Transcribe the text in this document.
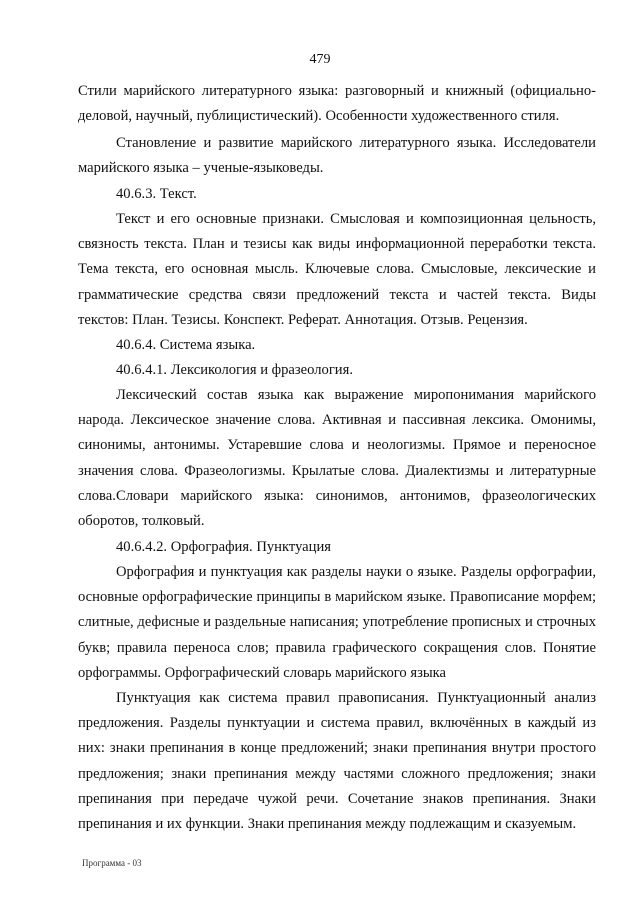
479
Стили марийского литературного языка: разговорный и книжный (официально-деловой, научный, публицистический). Особенности художественного стиля.
Становление и развитие марийского литературного языка. Исследователи марийского языка – ученые-языковеды.
40.6.3. Текст.
Текст и его основные признаки. Смысловая и композиционная цельность, связность текста. План и тезисы как виды информационной переработки текста. Тема текста, его основная мысль. Ключевые слова. Смысловые, лексические и грамматические средства связи предложений текста и частей текста. Виды текстов: План. Тезисы. Конспект. Реферат. Аннотация. Отзыв. Рецензия.
40.6.4. Система языка.
40.6.4.1. Лексикология и фразеология.
Лексический состав языка как выражение миропонимания марийского народа. Лексическое значение слова. Активная и пассивная лексика. Омонимы, синонимы, антонимы. Устаревшие слова и неологизмы. Прямое и переносное значения слова. Фразеологизмы. Крылатые слова. Диалектизмы и литературные слова. Словари марийского языка: синонимов, антонимов, фразеологических оборотов, толковый.
40.6.4.2. Орфография. Пунктуация
Орфография и пунктуация как разделы науки о языке. Разделы орфографии, основные орфографические принципы в марийском языке. Правописание морфем; слитные, дефисные и раздельные написания; употребление прописных и строчных букв; правила переноса слов; правила графического сокращения слов. Понятие орфограммы. Орфографический словарь марийского языка
Пунктуация как система правил правописания. Пунктуационный анализ предложения. Разделы пунктуации и система правил, включённых в каждый из них: знаки препинания в конце предложений; знаки препинания внутри простого предложения; знаки препинания между частями сложного предложения; знаки препинания при передаче чужой речи. Сочетание знаков препинания. Знаки препинания и их функции. Знаки препинания между подлежащим и сказуемым.
Программа - 03
